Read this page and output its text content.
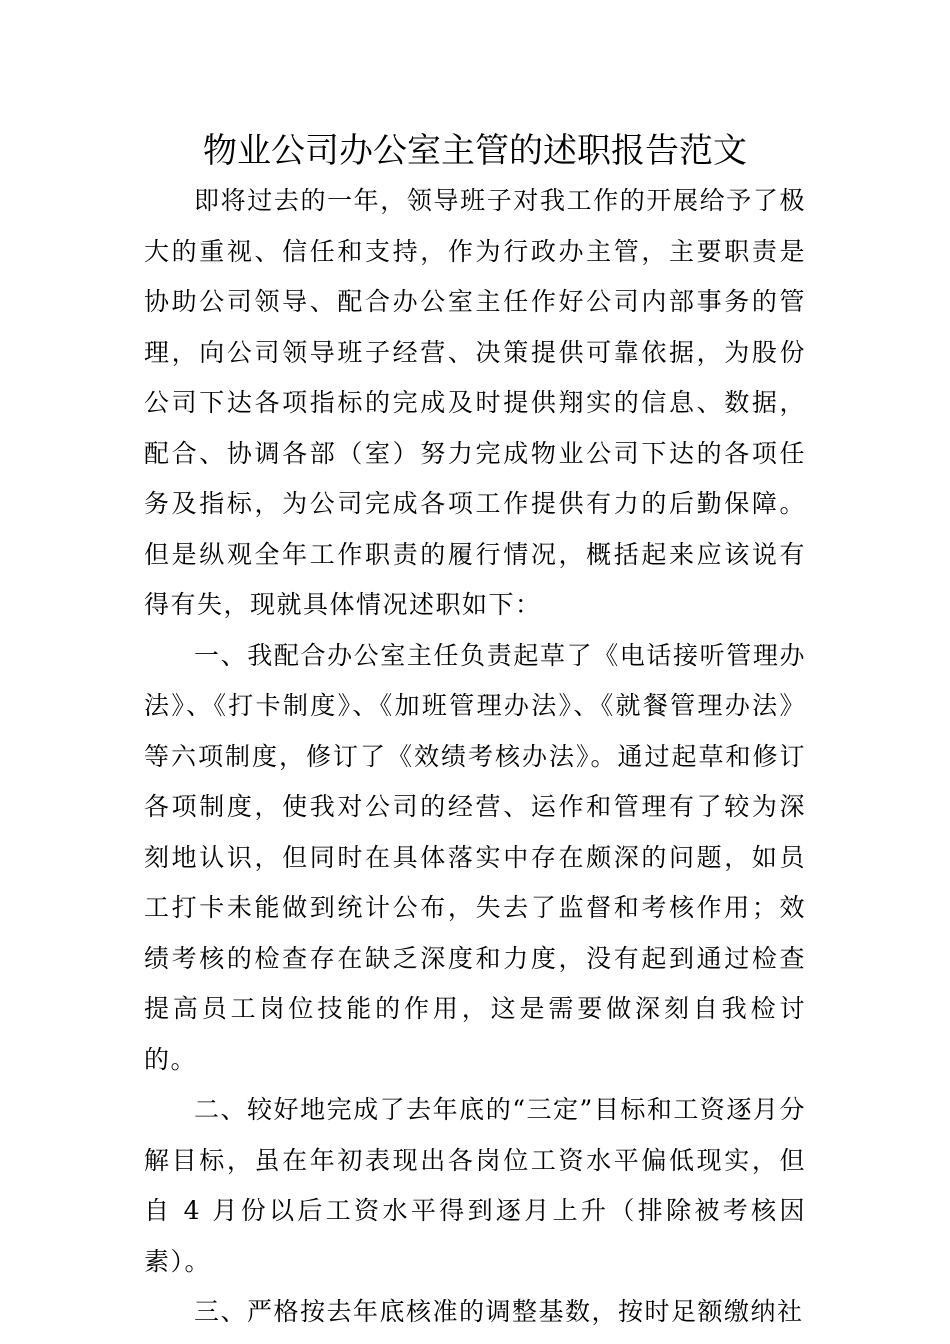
物业公司办公室主管的述职报告范文

即将过去的一年，领导班子对我工作的开展给予了极大的重视、信任和支持，作为行政办主管，主要职责是协助公司领导、配合办公室主任作好公司内部事务的管理，向公司领导班子经营、决策提供可靠依据，为股份公司下达各项指标的完成及时提供翔实的信息、数据，配合、协调各部（室）努力完成物业公司下达的各项任务及指标，为公司完成各项工作提供有力的后勤保障。但是纵观全年工作职责的履行情况，概括起来应该说有得有失，现就具体情况述职如下：

一、我配合办公室主任负责起草了《电话接听管理办法》、《打卡制度》、《加班管理办法》、《就餐管理办法》等六项制度，修订了《效绩考核办法》。通过起草和修订各项制度，使我对公司的经营、运作和管理有了较为深刻地认识，但同时在具体落实中存在颇深的问题，如员工打卡未能做到统计公布，失去了监督和考核作用；效绩考核的检查存在缺乏深度和力度，没有起到通过检查提高员工岗位技能的作用，这是需要做深刻自我检讨的。

二、较好地完成了去年底的“三定”目标和工资逐月分解目标，虽在年初表现出各岗位工资水平偏低现实，但自 4 月份以后工资水平得到逐月上升（排除被考核因素）。

三、严格按去年底核准的调整基数，按时足额缴纳社
